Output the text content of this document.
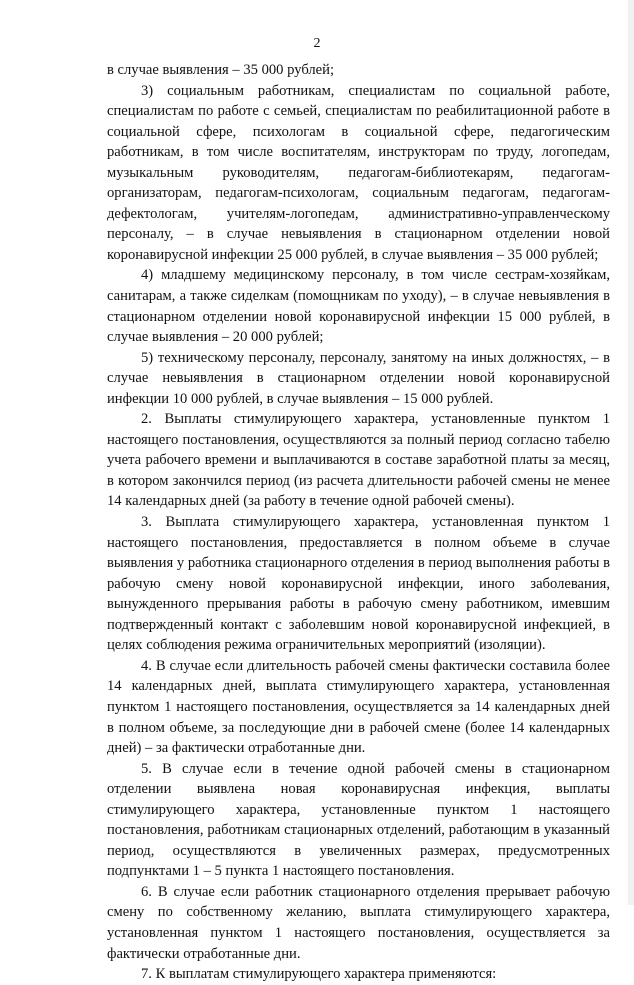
2

в случае выявления – 35 000 рублей;

3) социальным работникам, специалистам по социальной работе, специалистам по работе с семьей, специалистам по реабилитационной работе в социальной сфере, психологам в социальной сфере, педагогическим работникам, в том числе воспитателям, инструкторам по труду, логопедам, музыкальным руководителям, педагогам-библиотекарям, педагогам-организаторам, педагогам-психологам, социальным педагогам, педагогам-дефектологам, учителям-логопедам, административно-управленческому персоналу, – в случае невыявления в стационарном отделении новой коронавирусной инфекции 25 000 рублей, в случае выявления – 35 000 рублей;

4) младшему медицинскому персоналу, в том числе сестрам-хозяйкам, санитарам, а также сиделкам (помощникам по уходу), – в случае невыявления в стационарном отделении новой коронавирусной инфекции 15 000 рублей, в случае выявления – 20 000 рублей;

5) техническому персоналу, персоналу, занятому на иных должностях, – в случае невыявления в стационарном отделении новой коронавирусной инфекции 10 000 рублей, в случае выявления – 15 000 рублей.

2. Выплаты стимулирующего характера, установленные пунктом 1 настоящего постановления, осуществляются за полный период согласно табелю учета рабочего времени и выплачиваются в составе заработной платы за месяц, в котором закончился период (из расчета длительности рабочей смены не менее 14 календарных дней (за работу в течение одной рабочей смены).

3. Выплата стимулирующего характера, установленная пунктом 1 настоящего постановления, предоставляется в полном объеме в случае выявления у работника стационарного отделения в период выполнения работы в рабочую смену новой коронавирусной инфекции, иного заболевания, вынужденного прерывания работы в рабочую смену работником, имевшим подтвержденный контакт с заболевшим новой коронавирусной инфекцией, в целях соблюдения режима ограничительных мероприятий (изоляции).

4. В случае если длительность рабочей смены фактически составила более 14 календарных дней, выплата стимулирующего характера, установленная пунктом 1 настоящего постановления, осуществляется за 14 календарных дней в полном объеме, за последующие дни в рабочей смене (более 14 календарных дней) – за фактически отработанные дни.

5. В случае если в течение одной рабочей смены в стационарном отделении выявлена новая коронавирусная инфекция, выплаты стимулирующего характера, установленные пунктом 1 настоящего постановления, работникам стационарных отделений, работающим в указанный период, осуществляются в увеличенных размерах, предусмотренных подпунктами 1 – 5 пункта 1 настоящего постановления.

6. В случае если работник стационарного отделения прерывает рабочую смену по собственному желанию, выплата стимулирующего характера, установленная пунктом 1 настоящего постановления, осуществляется за фактически отработанные дни.

7. К выплатам стимулирующего характера применяются:
